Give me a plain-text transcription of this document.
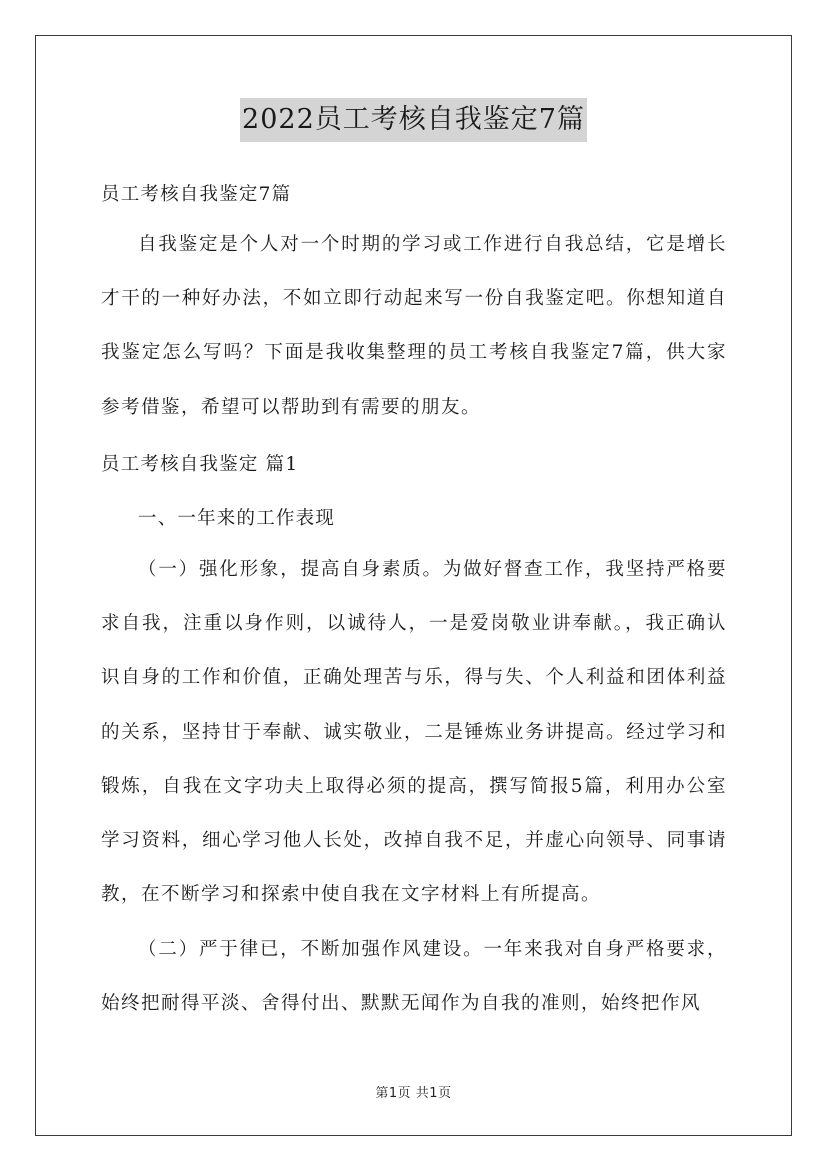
2022员工考核自我鉴定7篇
员工考核自我鉴定7篇
自我鉴定是个人对一个时期的学习或工作进行自我总结，它是增长才干的一种好办法，不如立即行动起来写一份自我鉴定吧。你想知道自我鉴定怎么写吗？下面是我收集整理的员工考核自我鉴定7篇，供大家参考借鉴，希望可以帮助到有需要的朋友。
员工考核自我鉴定 篇1
一、一年来的工作表现
（一）强化形象，提高自身素质。为做好督查工作，我坚持严格要求自我，注重以身作则，以诚待人，一是爱岗敬业讲奉献。，我正确认识自身的工作和价值，正确处理苦与乐，得与失、个人利益和团体利益的关系，坚持甘于奉献、诚实敬业，二是锤炼业务讲提高。经过学习和锻炼，自我在文字功夫上取得必须的提高，撰写简报5篇，利用办公室学习资料，细心学习他人长处，改掉自我不足，并虚心向领导、同事请教，在不断学习和探索中使自我在文字材料上有所提高。
（二）严于律已，不断加强作风建设。一年来我对自身严格要求，始终把耐得平淡、舍得付出、默默无闻作为自我的准则，始终把作风
第1页 共1页
